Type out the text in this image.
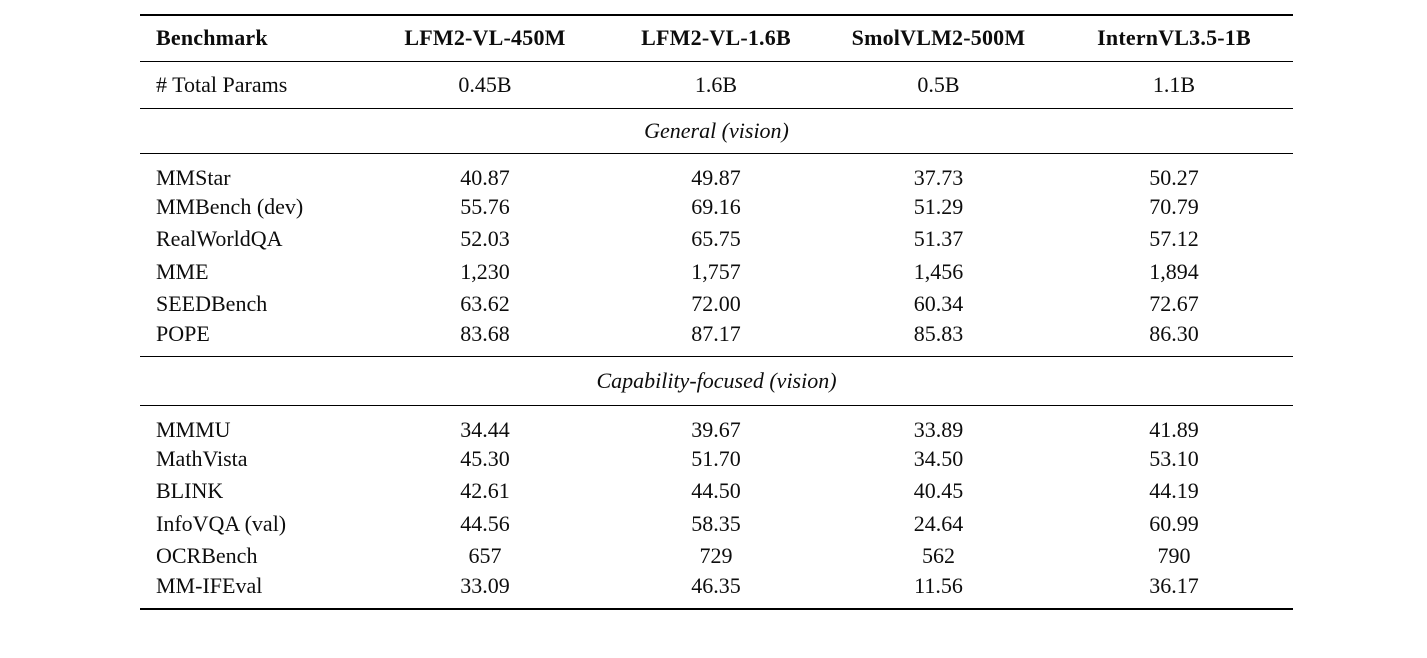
Benchmark	LFM2-VL-450M	LFM2-VL-1.6B	SmolVLM2-500M	InternVL3.5-1B
# Total Params	0.45B	1.6B	0.5B	1.1B
General (vision)				
MMStar	40.87	49.87	37.73	50.27
MMBench (dev)	55.76	69.16	51.29	70.79
RealWorldQA	52.03	65.75	51.37	57.12
MME	1,230	1,757	1,456	1,894
SEEDBench	63.62	72.00	60.34	72.67
POPE	83.68	87.17	85.83	86.30
Capability-focused (vision)				
MMMU	34.44	39.67	33.89	41.89
MathVista	45.30	51.70	34.50	53.10
BLINK	42.61	44.50	40.45	44.19
InfoVQA (val)	44.56	58.35	24.64	60.99
OCRBench	657	729	562	790
MM-IFEval	33.09	46.35	11.56	36.17
